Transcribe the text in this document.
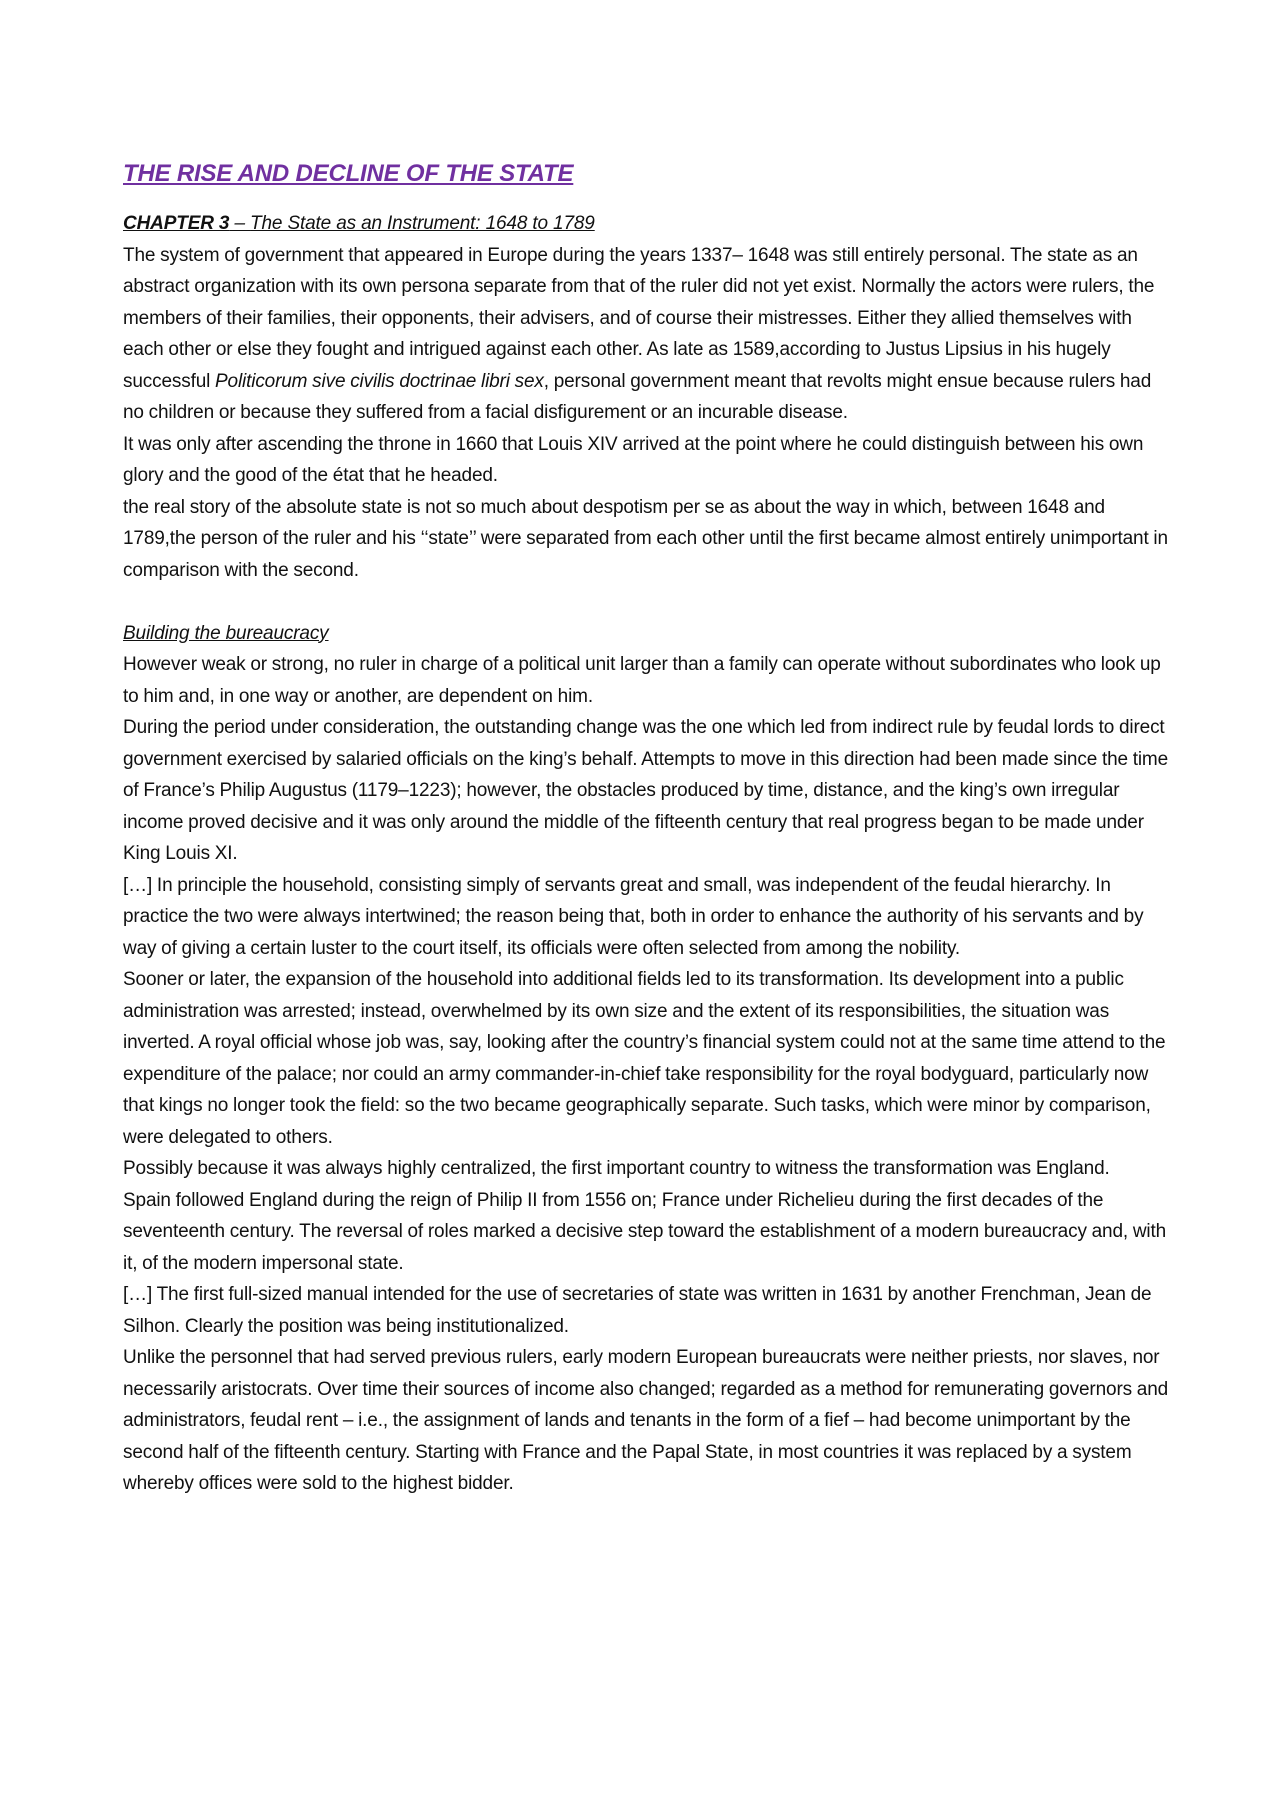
THE RISE AND DECLINE OF THE STATE
CHAPTER 3 – The State as an Instrument: 1648 to 1789

The system of government that appeared in Europe during the years 1337– 1648 was still entirely personal. The state as an abstract organization with its own persona separate from that of the ruler did not yet exist. Normally the actors were rulers, the members of their families, their opponents, their advisers, and of course their mistresses. Either they allied themselves with each other or else they fought and intrigued against each other. As late as 1589,according to Justus Lipsius in his hugely successful Politicorum sive civilis doctrinae libri sex, personal government meant that revolts might ensue because rulers had no children or because they suffered from a facial disfigurement or an incurable disease.

It was only after ascending the throne in 1660 that Louis XIV arrived at the point where he could distinguish between his own glory and the good of the état that he headed.

the real story of the absolute state is not so much about despotism per se as about the way in which, between 1648 and 1789,the person of the ruler and his ‘‘state’’ were separated from each other until the first became almost entirely unimportant in comparison with the second.

Building the bureaucracy

However weak or strong, no ruler in charge of a political unit larger than a family can operate without subordinates who look up to him and, in one way or another, are dependent on him.

During the period under consideration, the outstanding change was the one which led from indirect rule by feudal lords to direct government exercised by salaried officials on the king’s behalf. Attempts to move in this direction had been made since the time of France’s Philip Augustus (1179–1223); however, the obstacles produced by time, distance, and the king’s own irregular income proved decisive and it was only around the middle of the fifteenth century that real progress began to be made under King Louis XI.

[…] In principle the household, consisting simply of servants great and small, was independent of the feudal hierarchy. In practice the two were always intertwined; the reason being that, both in order to enhance the authority of his servants and by way of giving a certain luster to the court itself, its officials were often selected from among the nobility.

Sooner or later, the expansion of the household into additional fields led to its transformation. Its development into a public administration was arrested; instead, overwhelmed by its own size and the extent of its responsibilities, the situation was inverted. A royal official whose job was, say, looking after the country’s financial system could not at the same time attend to the expenditure of the palace; nor could an army commander-in-chief take responsibility for the royal bodyguard, particularly now that kings no longer took the field: so the two became geographically separate. Such tasks, which were minor by comparison, were delegated to others.

Possibly because it was always highly centralized, the first important country to witness the transformation was England.

Spain followed England during the reign of Philip II from 1556 on; France under Richelieu during the first decades of the seventeenth century. The reversal of roles marked a decisive step toward the establishment of a modern bureaucracy and, with it, of the modern impersonal state.

[…] The first full-sized manual intended for the use of secretaries of state was written in 1631 by another Frenchman, Jean de Silhon. Clearly the position was being institutionalized.

Unlike the personnel that had served previous rulers, early modern European bureaucrats were neither priests, nor slaves, nor necessarily aristocrats. Over time their sources of income also changed; regarded as a method for remunerating governors and administrators, feudal rent – i.e., the assignment of lands and tenants in the form of a fief – had become unimportant by the second half of the fifteenth century. Starting with France and the Papal State, in most countries it was replaced by a system whereby offices were sold to the highest bidder.
